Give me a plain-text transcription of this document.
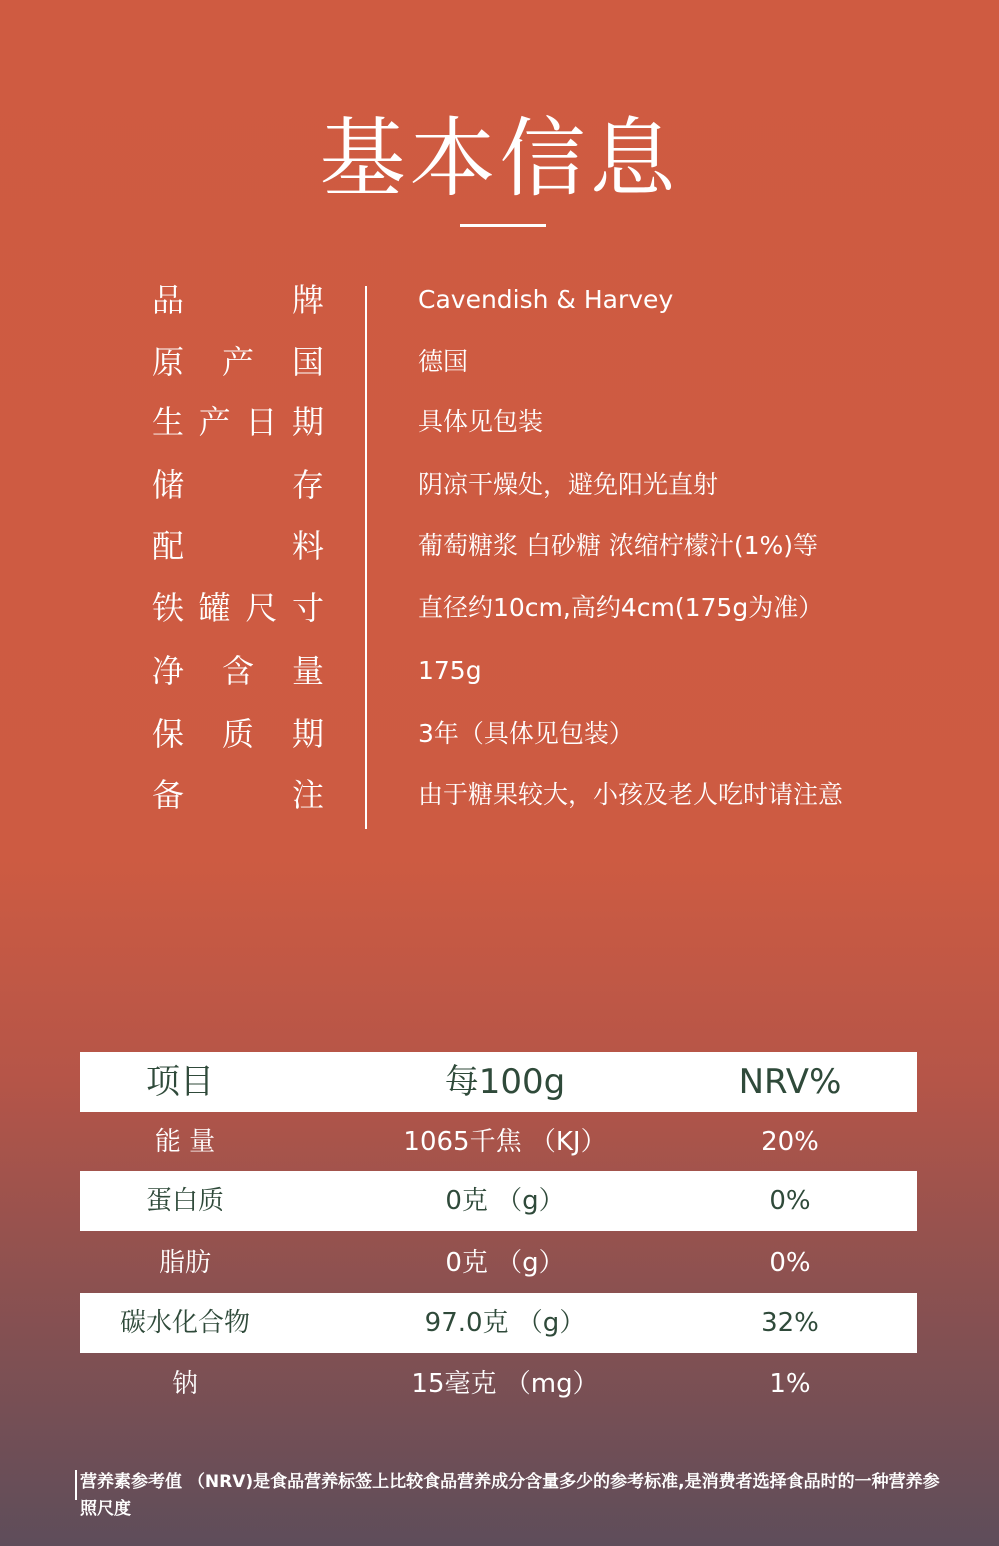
基本信息
品牌	Cavendish & Harvey
原产国	德国
生产日期	具体见包装
储存	阴凉干燥处，避免阳光直射
配料	葡萄糖浆 白砂糖 浓缩柠檬汁(1%)等
铁罐尺寸	直径约10cm,高约4cm(175g为准）
净含量	175g
保质期	3年（具体见包装）
备注	由于糖果较大，小孩及老人吃时请注意
项目	每100g	NRV%
能 量	1065千焦 （KJ）	20%
蛋白质	0克 （g）	0%
脂肪	0克 （g）	0%
碳水化合物	97.0克 （g）	32%
钠	15毫克 （mg）	1%
营养素参考值 （NRV)是食品营养标签上比较食品营养成分含量多少的参考标准,是消费者选择食品时的一种营养参照尺度
